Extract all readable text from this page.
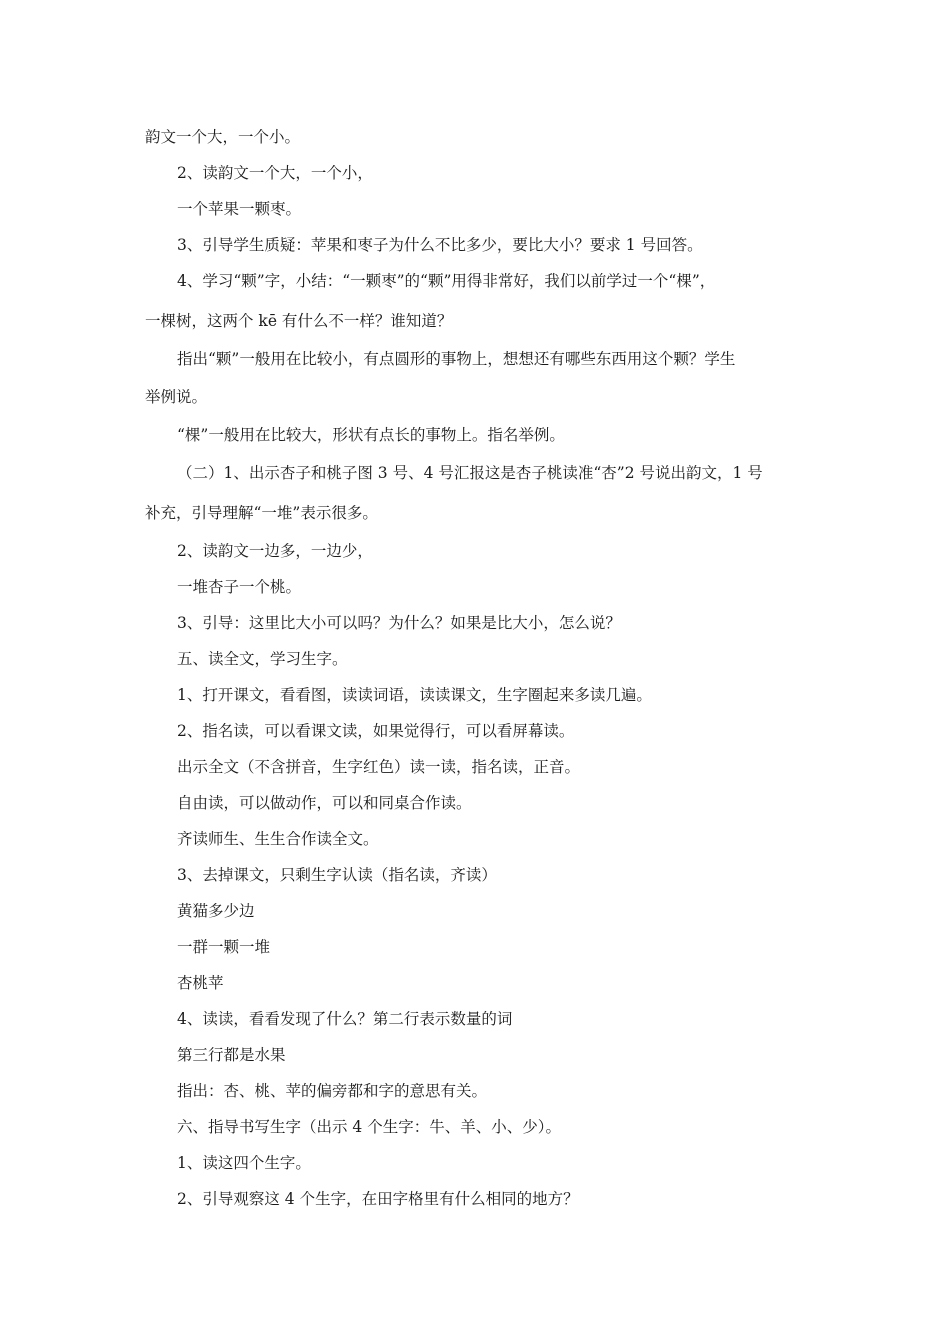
韵文一个大，一个小。
2、读韵文一个大，一个小，
一个苹果一颗枣。
3、引导学生质疑：苹果和枣子为什么不比多少，要比大小？要求 1 号回答。
4、学习“颗”字，小结：“一颗枣”的“颗”用得非常好，我们以前学过一个“棵”，
一棵树，这两个 kē 有什么不一样？谁知道？
指出“颗”一般用在比较小，有点圆形的事物上，想想还有哪些东西用这个颗？学生
举例说。
“棵”一般用在比较大，形状有点长的事物上。指名举例。
（二）1、出示杏子和桃子图 3 号、4 号汇报这是杏子桃读准“杏”2 号说出韵文，1 号
补充，引导理解“一堆”表示很多。
2、读韵文一边多，一边少，
一堆杏子一个桃。
3、引导：这里比大小可以吗？为什么？如果是比大小，怎么说？
五、读全文，学习生字。
1、打开课文，看看图，读读词语，读读课文，生字圈起来多读几遍。
2、指名读，可以看课文读，如果觉得行，可以看屏幕读。
出示全文（不含拼音，生字红色）读一读，指名读，正音。
自由读，可以做动作，可以和同桌合作读。
齐读师生、生生合作读全文。
3、去掉课文，只剩生字认读（指名读，齐读）
黄猫多少边
一群一颗一堆
杏桃苹
4、读读，看看发现了什么？第二行表示数量的词
第三行都是水果
指出：杏、桃、苹的偏旁都和字的意思有关。
六、指导书写生字（出示 4 个生字：牛、羊、小、少）。
1、读这四个生字。
2、引导观察这 4 个生字，在田字格里有什么相同的地方？
